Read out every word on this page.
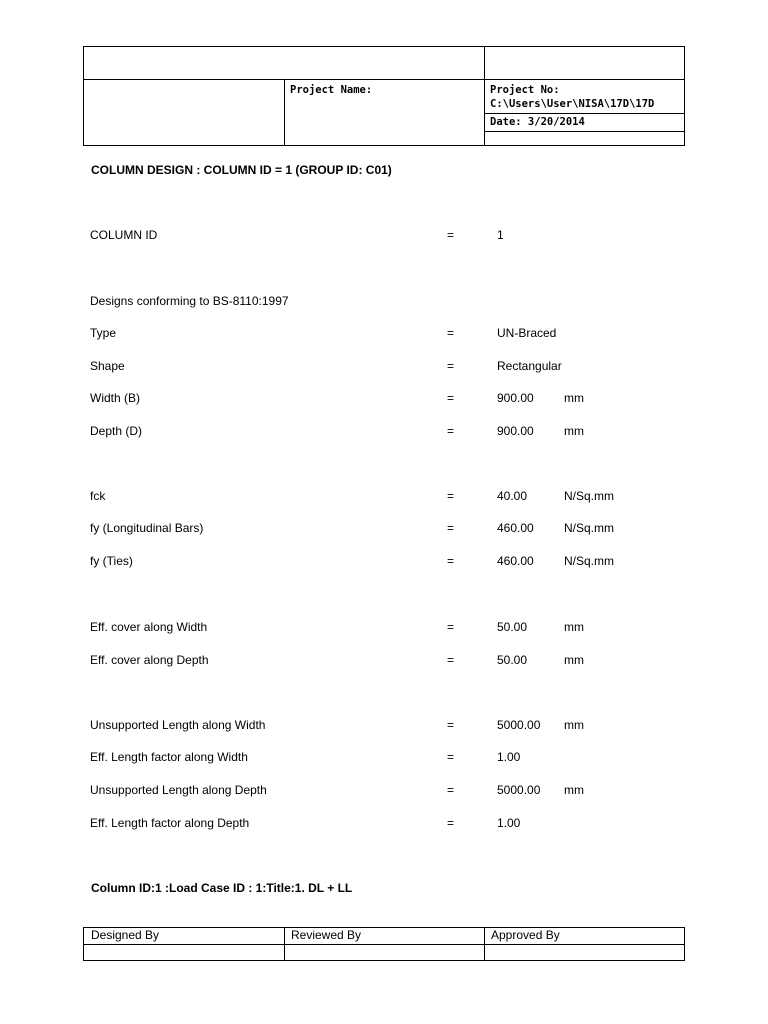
Project Name:	Project No:
C:\Users\User\NISA\17D\17D
Date: 3/20/2014
COLUMN DESIGN : COLUMN ID = 1 (GROUP ID: C01)
COLUMN ID	=	1
Designs conforming to BS-8110:1997
Type	=	UN-Braced
Shape	=	Rectangular
Width (B)	=	900.00	mm
Depth (D)	=	900.00	mm
fck	=	40.00	N/Sq.mm
fy (Longitudinal Bars)	=	460.00	N/Sq.mm
fy (Ties)	=	460.00	N/Sq.mm
Eff. cover along Width	=	50.00	mm
Eff. cover along Depth	=	50.00	mm
Unsupported Length along Width	=	5000.00 mm
Eff. Length factor along Width	=	1.00
Unsupported Length along Depth	=	5000.00 mm
Eff. Length factor along Depth	=	1.00
Column ID:1 :Load Case ID : 1:Title:1. DL + LL
Designed By	Reviewed By	Approved By
